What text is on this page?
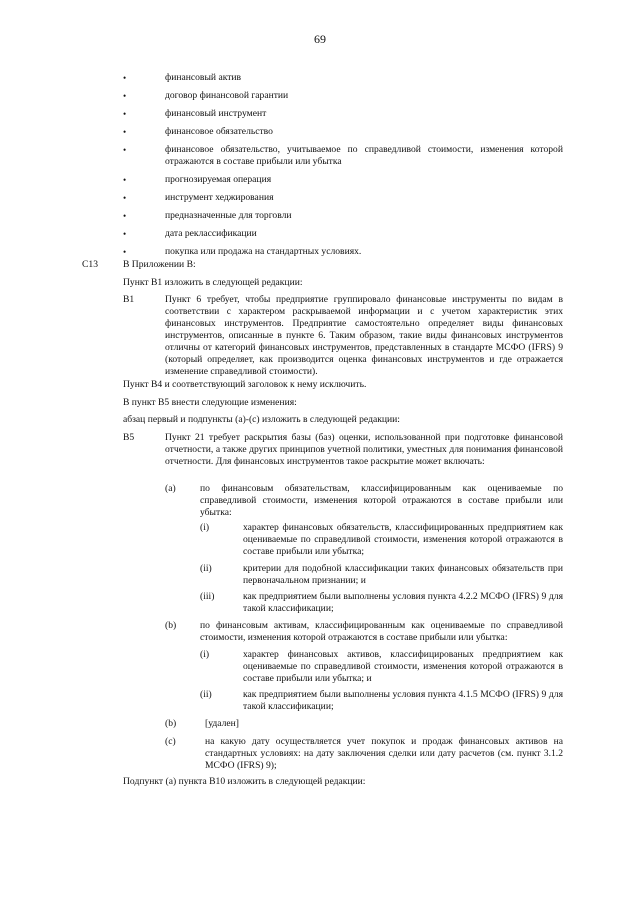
69
•	финансовый актив
•	договор финансовой гарантии
•	финансовый инструмент
•	финансовое обязательство
•	финансовое обязательство, учитываемое по справедливой стоимости, изменения которой отражаются в составе прибыли или убытка
•	прогнозируемая операция
•	инструмент хеджирования
•	предназначенные для торговли
•	дата реклассификации
•	покупка или продажа на стандартных условиях.
C13	В Приложении В:
Пункт В1 изложить в следующей редакции:
В1	Пункт 6 требует, чтобы предприятие группировало финансовые инструменты по видам в соответствии с характером раскрываемой информации и с учетом характеристик этих финансовых инструментов. Предприятие самостоятельно определяет виды финансовых инструментов, описанные в пункте 6. Таким образом, такие виды финансовых инструментов отличны от категорий финансовых инструментов, представленных в стандарте МСФО (IFRS) 9 (который определяет, как производится оценка финансовых инструментов и где отражается изменение справедливой стоимости).
Пункт В4 и соответствующий заголовок к нему исключить.
В пункт В5 внести следующие изменения:
абзац первый и подпункты (а)-(с) изложить в следующей редакции:
В5	Пункт 21 требует раскрытия базы (баз) оценки, использованной при подготовке финансовой отчетности, а также других принципов учетной политики, уместных для понимания финансовой отчетности. Для финансовых инструментов такое раскрытие может включать:
(a)	по финансовым обязательствам, классифицированным как оцениваемые по справедливой стоимости, изменения которой отражаются в составе прибыли или убытка:
(i)	характер финансовых обязательств, классифицированных предприятием как оцениваемые по справедливой стоимости, изменения которой отражаются в составе прибыли или убытка;
(ii)	критерии для подобной классификации таких финансовых обязательств при первоначальном признании; и
(iii)	как предприятием были выполнены условия пункта 4.2.2 МСФО (IFRS) 9 для такой классификации;
(b) по финансовым активам, классифицированным как оцениваемые по справедливой стоимости, изменения которой отражаются в составе прибыли или убытка:
(i)	характер финансовых активов, классифицированых предприятием как оцениваемые по справедливой стоимости, изменения которой отражаются в составе прибыли или убытка; и
(ii)	как предприятием были выполнены условия пункта 4.1.5 МСФО (IFRS) 9 для такой классификации;
(b)	[удален]
(c)	на какую дату осуществляется учет покупок и продаж финансовых активов на стандартных условиях: на дату заключения сделки или дату расчетов (см. пункт 3.1.2 МСФО (IFRS) 9);
Подпункт (а) пункта В10 изложить в следующей редакции:
